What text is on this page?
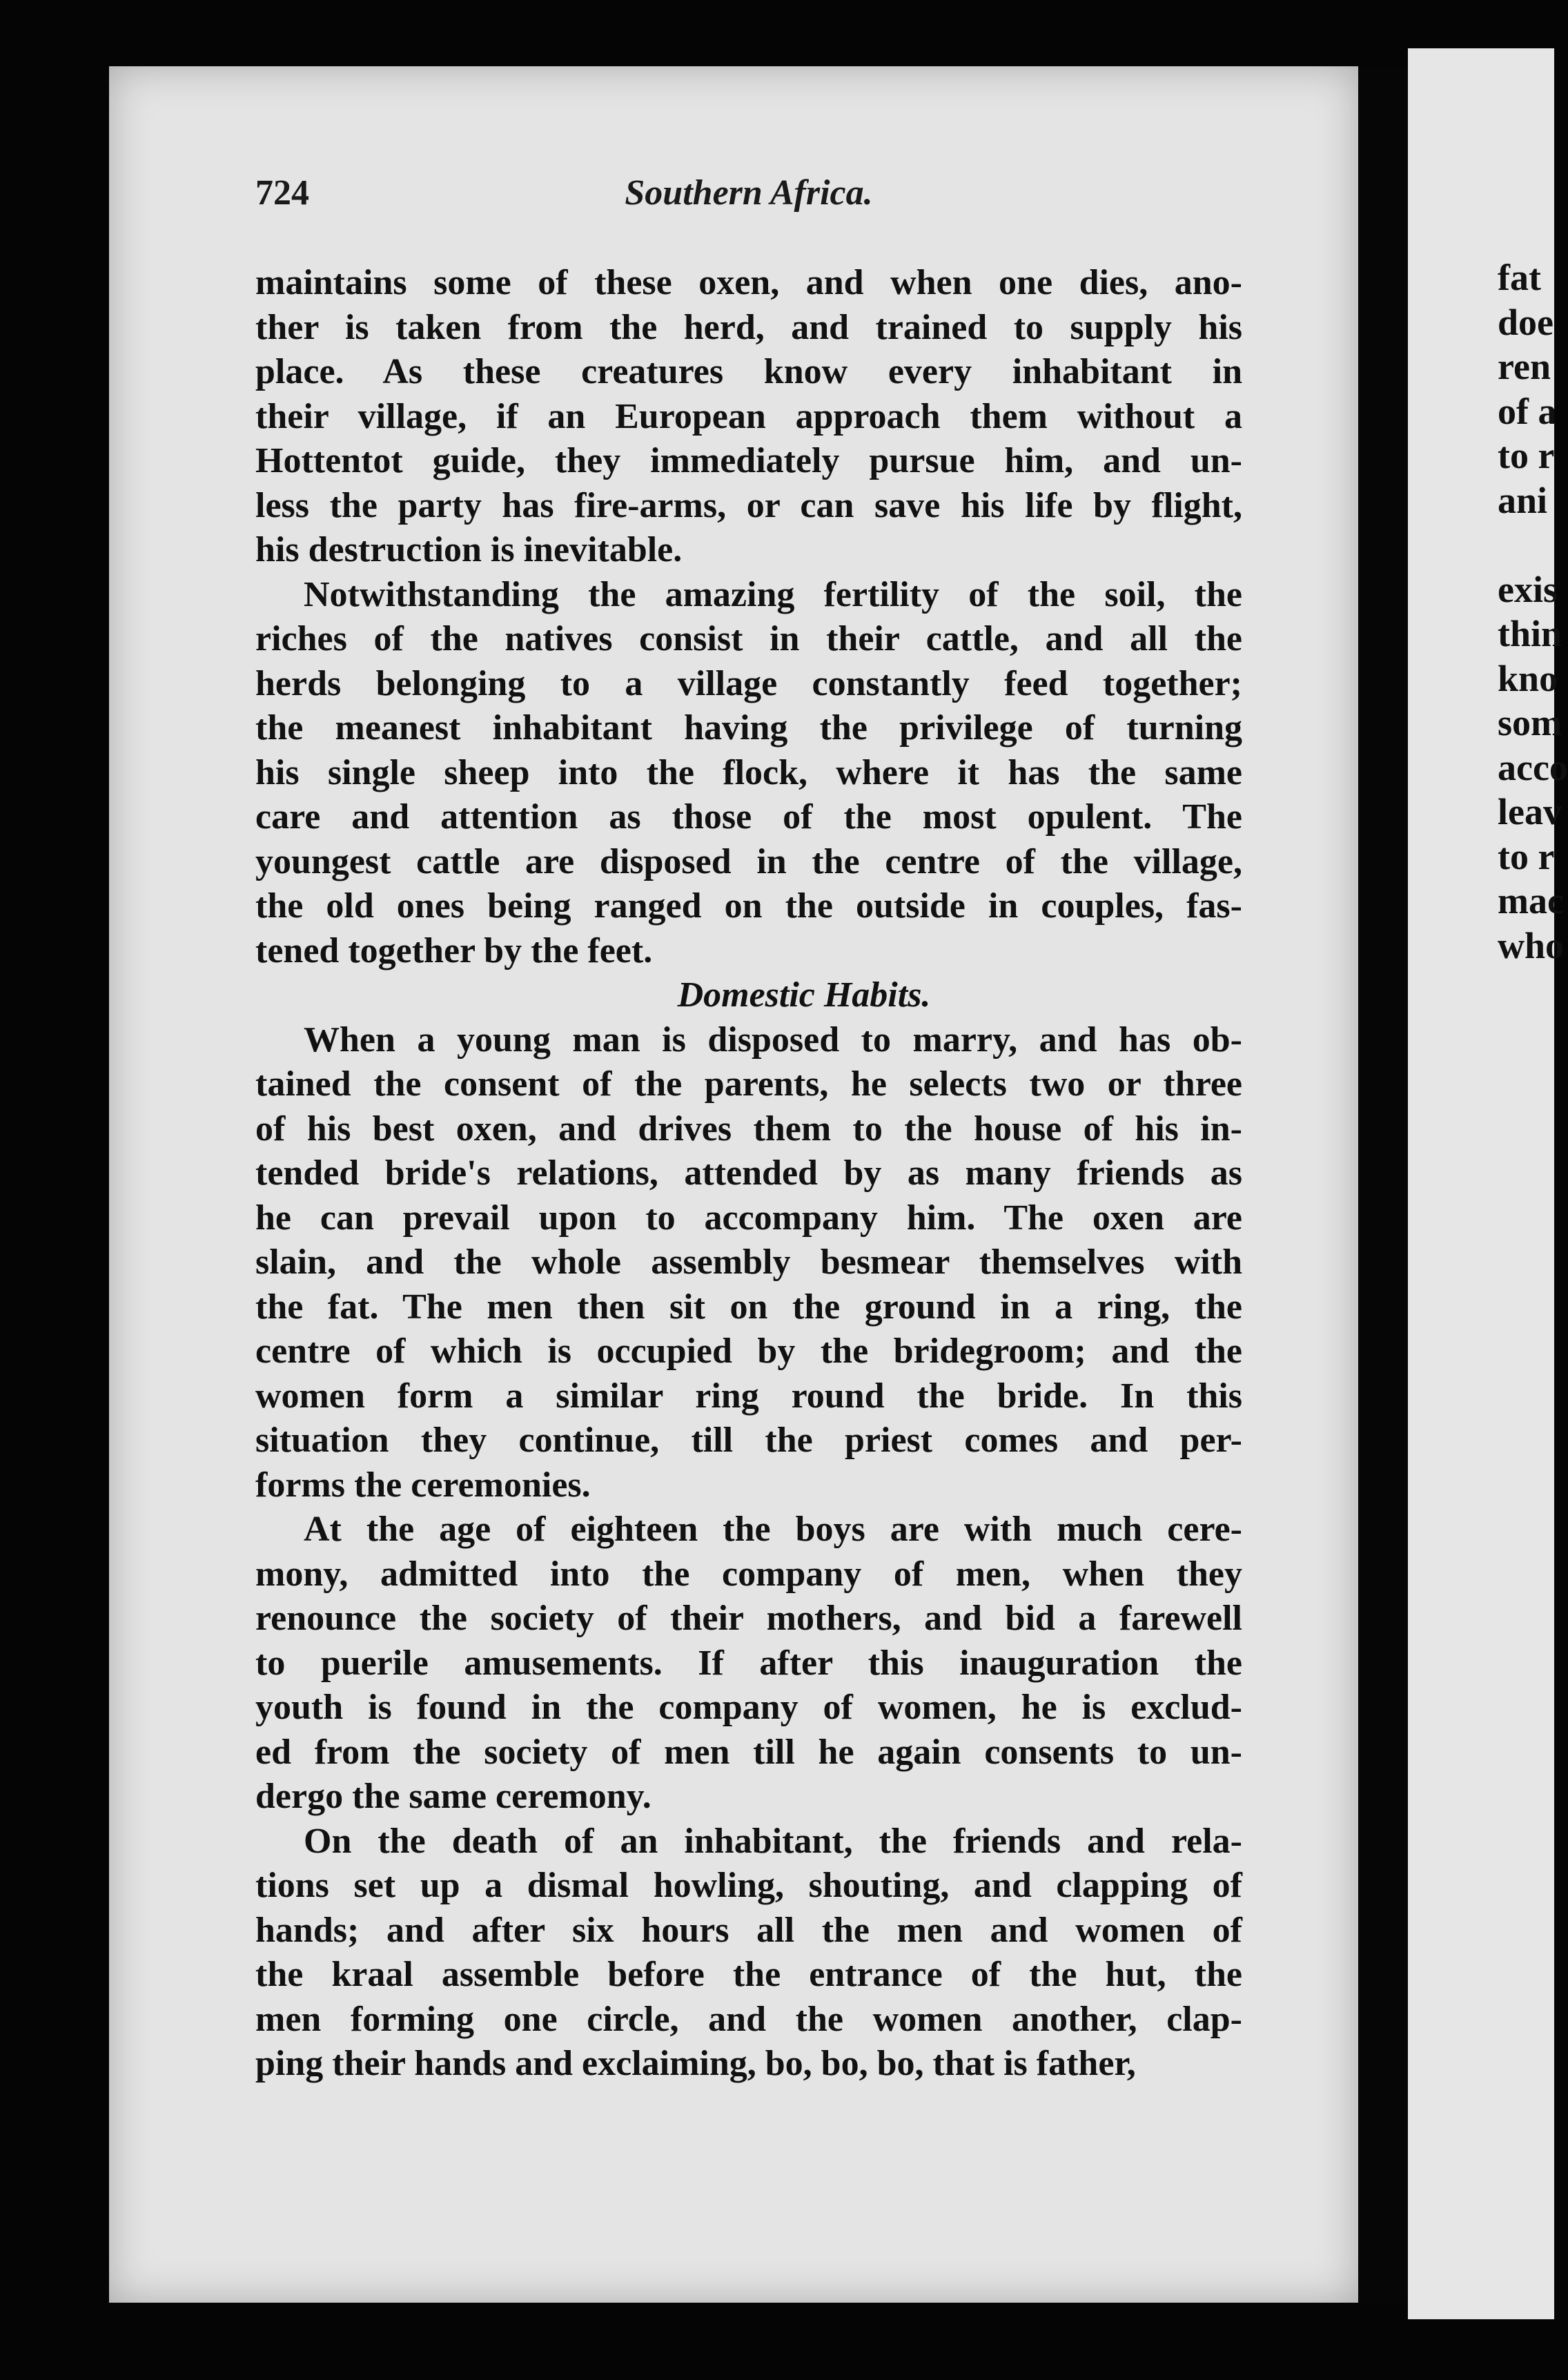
fat
doe
ren
of a
to r
ani
exis
thin
kno
som
acco
leav
to r
mac
who
724	Southern Africa.
maintains some of these oxen, and when one dies, ano-
ther is taken from the herd, and trained to supply his
place. As these creatures know every inhabitant in
their village, if an European approach them without a
Hottentot guide, they immediately pursue him, and un-
less the party has fire-arms, or can save his life by flight,
his destruction is inevitable.
Notwithstanding the amazing fertility of the soil, the
riches of the natives consist in their cattle, and all the
herds belonging to a village constantly feed together;
the meanest inhabitant having the privilege of turning
his single sheep into the flock, where it has the same
care and attention as those of the most opulent. The
youngest cattle are disposed in the centre of the village,
the old ones being ranged on the outside in couples, fas-
tened together by the feet.
Domestic Habits.
When a young man is disposed to marry, and has ob-
tained the consent of the parents, he selects two or three
of his best oxen, and drives them to the house of his in-
tended bride's relations, attended by as many friends as
he can prevail upon to accompany him. The oxen are
slain, and the whole assembly besmear themselves with
the fat. The men then sit on the ground in a ring, the
centre of which is occupied by the bridegroom; and the
women form a similar ring round the bride. In this
situation they continue, till the priest comes and per-
forms the ceremonies.
At the age of eighteen the boys are with much cere-
mony, admitted into the company of men, when they
renounce the society of their mothers, and bid a farewell
to puerile amusements. If after this inauguration the
youth is found in the company of women, he is exclud-
ed from the society of men till he again consents to un-
dergo the same ceremony.
On the death of an inhabitant, the friends and rela-
tions set up a dismal howling, shouting, and clapping of
hands; and after six hours all the men and women of
the kraal assemble before the entrance of the hut, the
men forming one circle, and the women another, clap-
ping their hands and exclaiming, bo, bo, bo, that is father,
